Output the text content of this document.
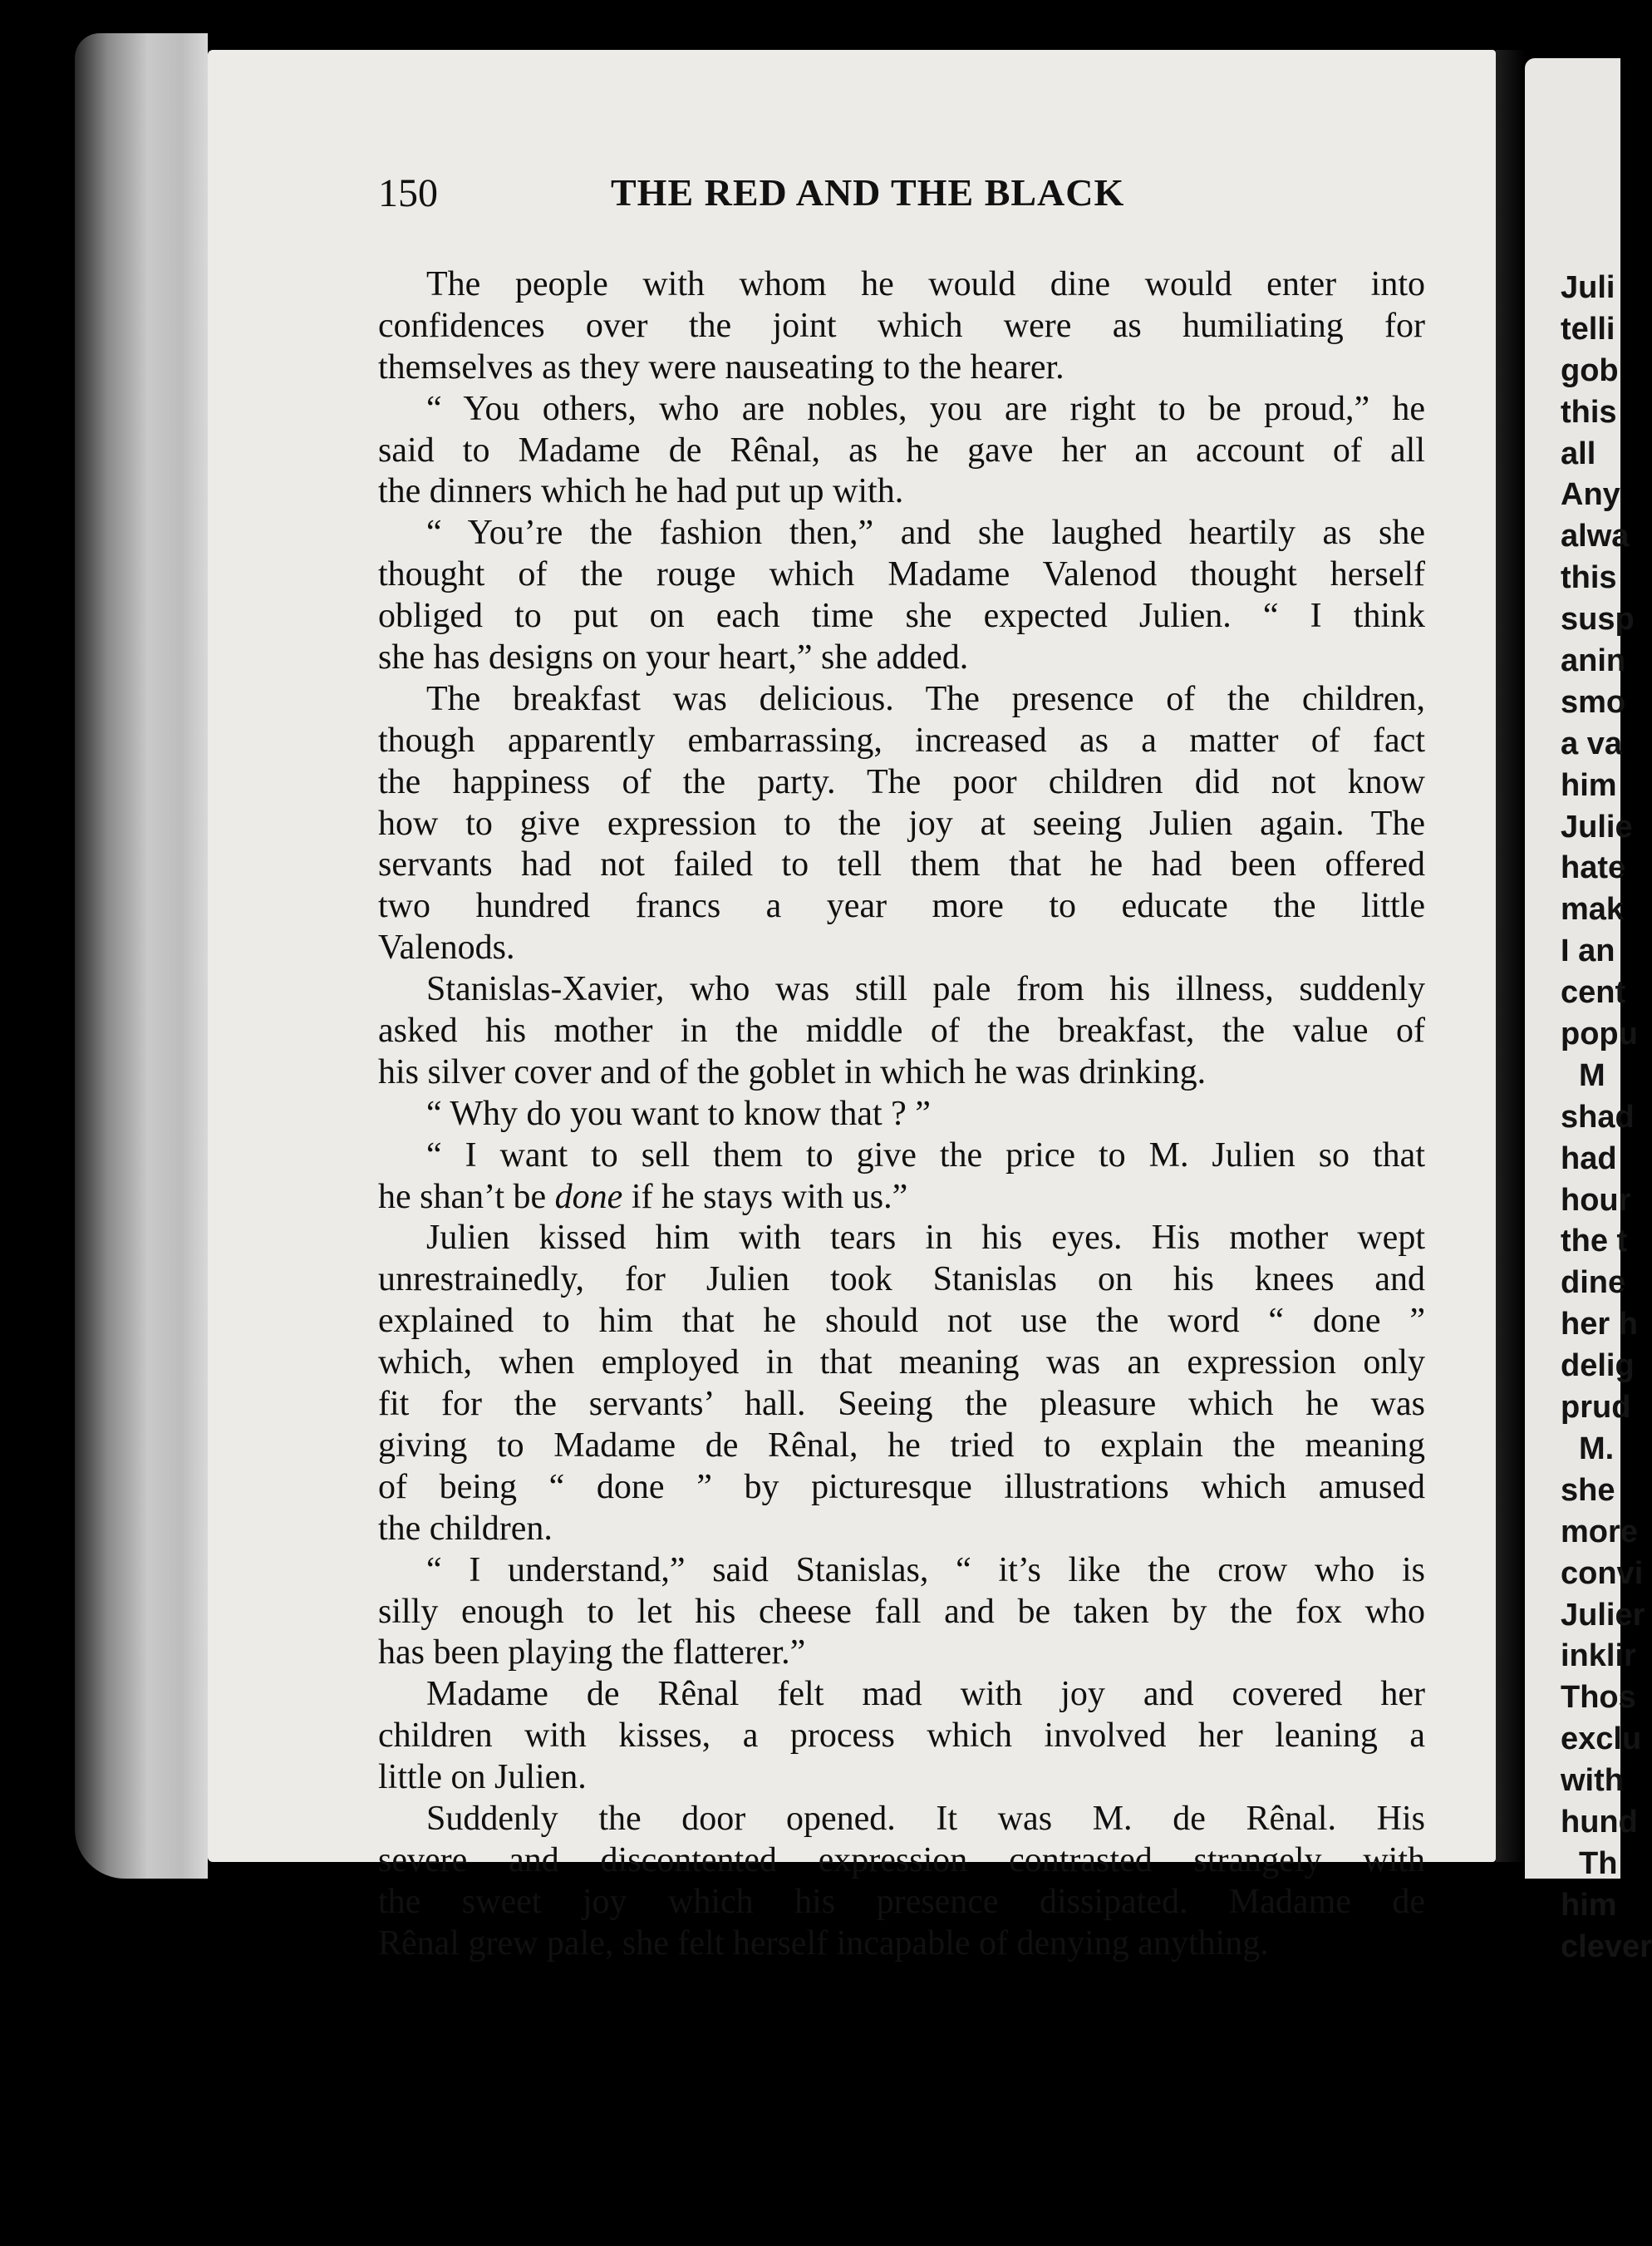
150	THE RED AND THE BLACK
The people with whom he would dine would enter into
confidences over the joint which were as humiliating for
themselves as they were nauseating to the hearer.
“ You others, who are nobles, you are right to be proud,” he
said to Madame de Rênal, as he gave her an account of all
the dinners which he had put up with.
“ You’re the fashion then,” and she laughed heartily as she
thought of the rouge which Madame Valenod thought herself
obliged to put on each time she expected Julien. “ I think
she has designs on your heart,” she added.
The breakfast was delicious. The presence of the children,
though apparently embarrassing, increased as a matter of fact
the happiness of the party. The poor children did not know
how to give expression to the joy at seeing Julien again. The
servants had not failed to tell them that he had been offered
two hundred francs a year more to educate the little
Valenods.
Stanislas-Xavier, who was still pale from his illness, suddenly
asked his mother in the middle of the breakfast, the value of
his silver cover and of the goblet in which he was drinking.
“ Why do you want to know that ? ”
“ I want to sell them to give the price to M. Julien so that
he shan’t be done if he stays with us.”
Julien kissed him with tears in his eyes. His mother wept
unrestrainedly, for Julien took Stanislas on his knees and
explained to him that he should not use the word “ done ”
which, when employed in that meaning was an expression only
fit for the servants’ hall. Seeing the pleasure which he was
giving to Madame de Rênal, he tried to explain the meaning
of being “ done ” by picturesque illustrations which amused
the children.
“ I understand,” said Stanislas, “ it’s like the crow who is
silly enough to let his cheese fall and be taken by the fox who
has been playing the flatterer.”
Madame de Rênal felt mad with joy and covered her
children with kisses, a process which involved her leaning a
little on Julien.
Suddenly the door opened. It was M. de Rênal. His
severe and discontented expression contrasted strangely with
the sweet joy which his presence dissipated. Madame de
Rênal grew pale, she felt herself incapable of denying anything.
Juli
telli
gob
this
all
Any
alwa
this
susp
anin
smo
a va
him
Julie
hate
mak
I an
cent
popu
M
shad
had
hour
the t
dine
her h
delig
prud
M.
she
more
convi
Julier
inklir
Thos
exclu
with
hund
Th
him
clever
